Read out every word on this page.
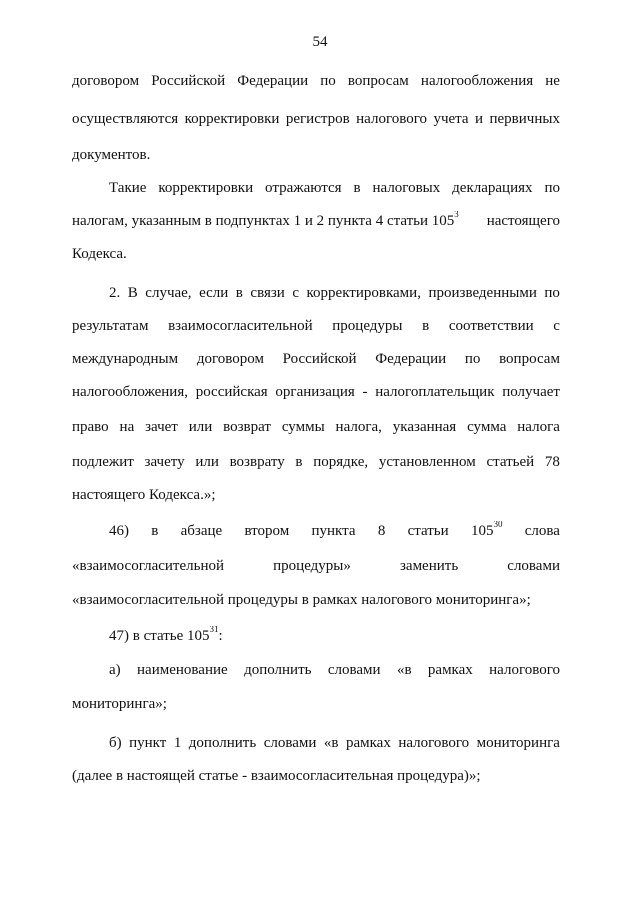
54
договором Российской Федерации по вопросам налогообложения не
осуществляются корректировки регистров налогового учета и первичных
документов.
Такие корректировки отражаются в налоговых декларациях по
налогам, указанным в подпунктах 1 и 2 пункта 4 статьи $105^3$ настоящего
Кодекса.
2. В случае, если в связи с корректировками, произведенными по
результатам взаимосогласительной процедуры в соответствии с
международным договором Российской Федерации по вопросам
налогообложения, российская организация - налогоплательщик получает
право на зачет или возврат суммы налога, указанная сумма налога
подлежит зачету или возврату в порядке, установленном статьей 78
настоящего Кодекса.»;
46) в абзаце втором пункта 8 статьи $105^{30}$ слова
«взаимосогласительной	процедуры»	заменить	словами
«взаимосогласительной процедуры в рамках налогового мониторинга»;
47) в статье $105^{31}$:
а) наименование дополнить словами «в рамках налогового
мониторинга»;
б) пункт 1 дополнить словами «в рамках налогового мониторинга
(далее в настоящей статье - взаимосогласительная процедура)»;
